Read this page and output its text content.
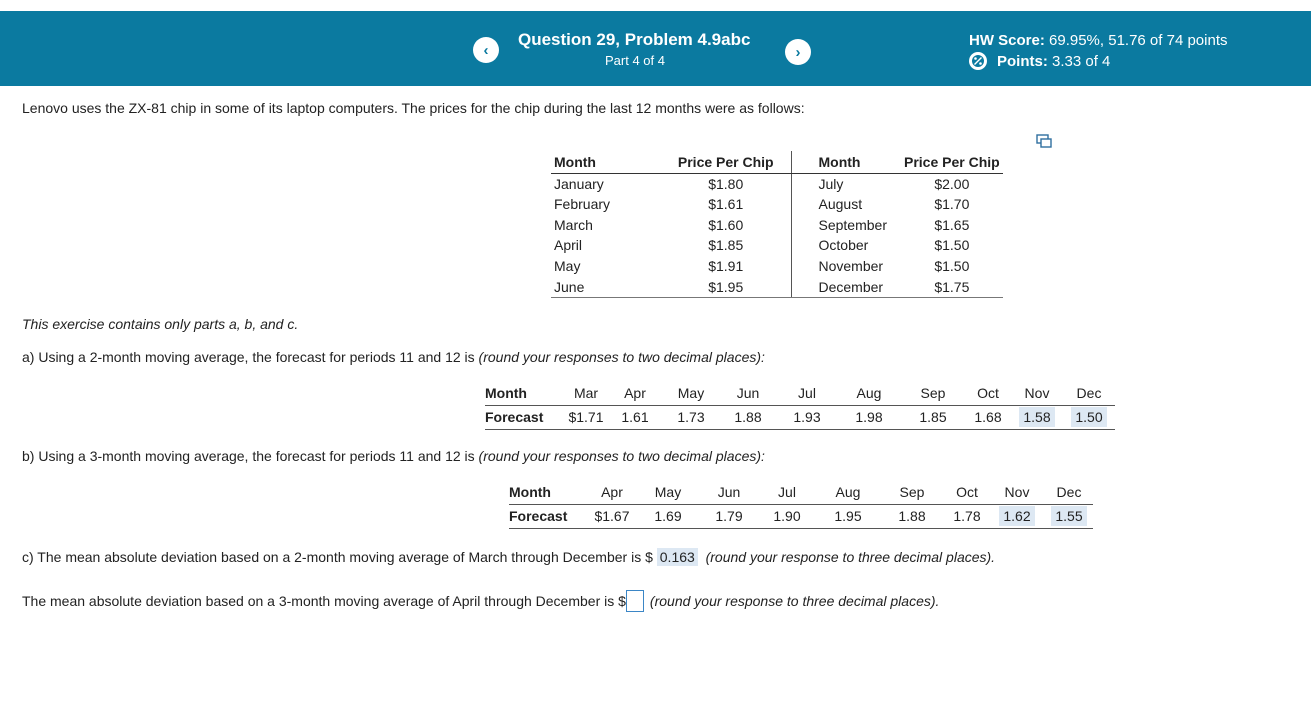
‹
Question 29, Problem 4.9abc
Part 4 of 4	›
HW Score: 69.95%, 51.76 of 74 points
Points:
3.33 of 4
Lenovo uses the ZX-81 chip in some of its laptop computers. The prices for the chip during the last 12 months were as follows:
Month	Price Per Chip	Month	Price Per Chip
January	$1.80	July	$2.00
February	$1.61	August	$1.70
March	$1.60	September	$1.65
April	$1.85	October	$1.50
May	$1.91	November	$1.50
June	$1.95	December	$1.75
This exercise contains only parts a, b, and c.
a) Using a 2-month moving average, the forecast for periods 11 and 12 is (round your responses to two decimal places):
Month	Mar	Apr	May	Jun	Jul	Aug	Sep	Oct	Nov	Dec
Forecast	$1.71	1.61	1.73	1.88	1.93	1.98	1.85	1.68	1.58	1.50
b) Using a 3-month moving average, the forecast for periods 11 and 12 is (round your responses to two decimal places):
Month	Apr	May	Jun	Jul	Aug	Sep	Oct	Nov	Dec
Forecast	$1.67	1.69	1.79	1.90	1.95	1.88	1.78	1.62	1.55
c) The mean absolute deviation based on a 2-month moving average of March through December is $ 0.163 (round your response to three decimal places).
The mean absolute deviation based on a 3-month moving average of April through December is $ (round your response to three decimal places).
